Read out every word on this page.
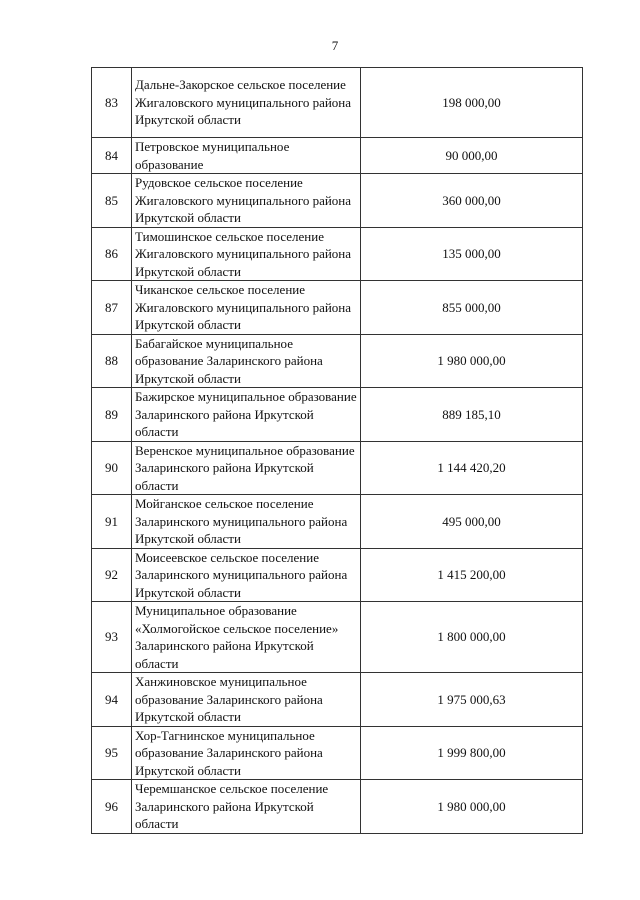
7
83	Дальне-Закорское сельское поселение Жигаловского муниципального района Иркутской области	198 000,00
84	Петровское муниципальное образование	90 000,00
85	Рудовское сельское поселение Жигаловского муниципального района Иркутской области	360 000,00
86	Тимошинское сельское поселение Жигаловского муниципального района Иркутской области	135 000,00
87	Чиканское сельское поселение Жигаловского муниципального района Иркутской области	855 000,00
88	Бабагайское муниципальное образование Заларинского района Иркутской области	1 980 000,00
89	Бажирское муниципальное образование Заларинского района Иркутской области	889 185,10
90	Веренское муниципальное образование Заларинского района Иркутской области	1 144 420,20
91	Мойганское сельское поселение Заларинского муниципального района Иркутской области	495 000,00
92	Моисеевское сельское поселение Заларинского муниципального района Иркутской области	1 415 200,00
93	Муниципальное образование «Холмогойское сельское поселение» Заларинского района Иркутской области	1 800 000,00
94	Ханжиновское муниципальное образование Заларинского района Иркутской области	1 975 000,63
95	Хор-Тагнинское муниципальное образование Заларинского района Иркутской области	1 999 800,00
96	Черемшанское сельское поселение Заларинского района Иркутской области	1 980 000,00
